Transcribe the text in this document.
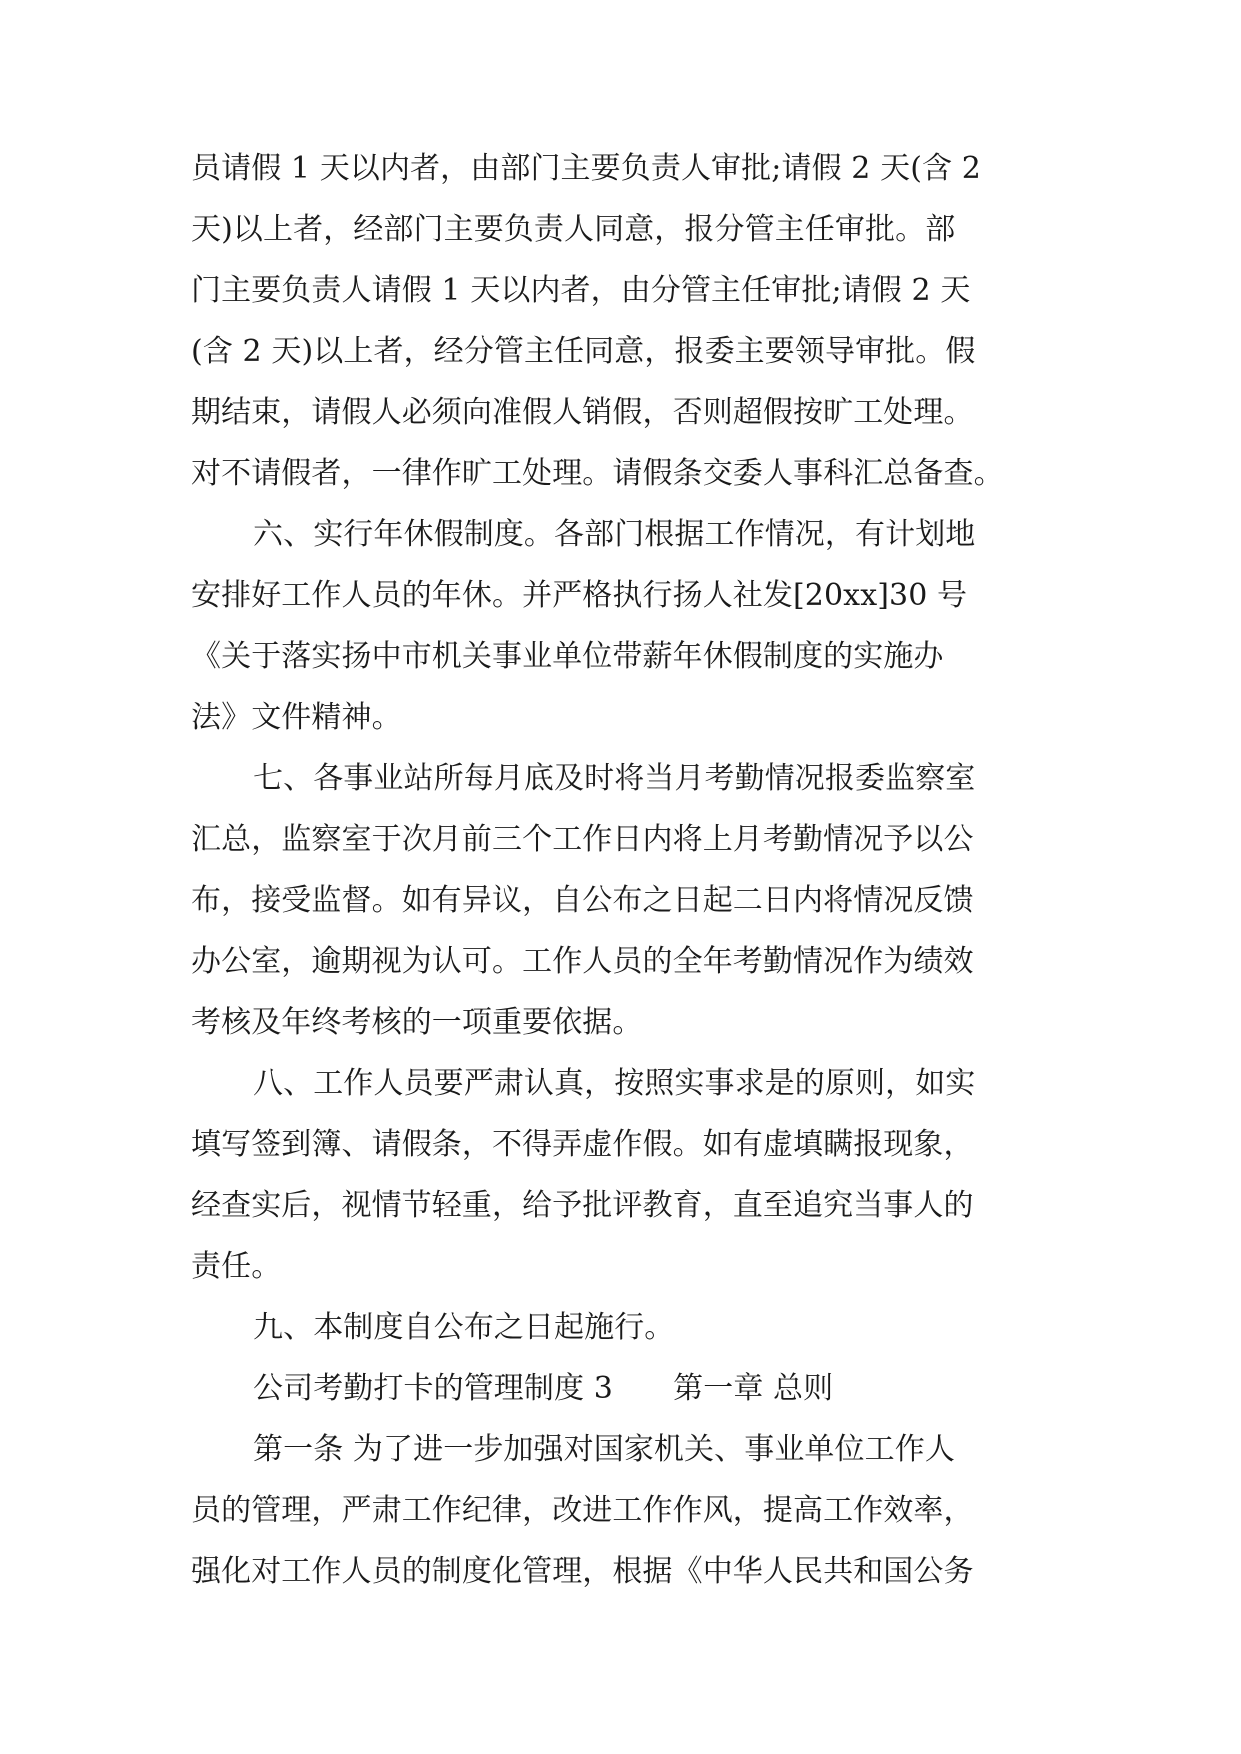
员请假 1 天以内者，由部门主要负责人审批;请假 2 天(含 2
天)以上者，经部门主要负责人同意，报分管主任审批。部
门主要负责人请假 1 天以内者，由分管主任审批;请假 2 天
(含 2 天)以上者，经分管主任同意，报委主要领导审批。假
期结束，请假人必须向准假人销假，否则超假按旷工处理。
对不请假者，一律作旷工处理。请假条交委人事科汇总备查。
六、实行年休假制度。各部门根据工作情况，有计划地
安排好工作人员的年休。并严格执行扬人社发[20xx]30 号
《关于落实扬中市机关事业单位带薪年休假制度的实施办
法》文件精神。
七、各事业站所每月底及时将当月考勤情况报委监察室
汇总，监察室于次月前三个工作日内将上月考勤情况予以公
布，接受监督。如有异议，自公布之日起二日内将情况反馈
办公室，逾期视为认可。工作人员的全年考勤情况作为绩效
考核及年终考核的一项重要依据。
八、工作人员要严肃认真，按照实事求是的原则，如实
填写签到簿、请假条，不得弄虚作假。如有虚填瞒报现象，
经查实后，视情节轻重，给予批评教育，直至追究当事人的
责任。
九、本制度自公布之日起施行。
公司考勤打卡的管理制度 3　　第一章 总则
第一条 为了进一步加强对国家机关、事业单位工作人
员的管理，严肃工作纪律，改进工作作风，提高工作效率，
强化对工作人员的制度化管理，根据《中华人民共和国公务
